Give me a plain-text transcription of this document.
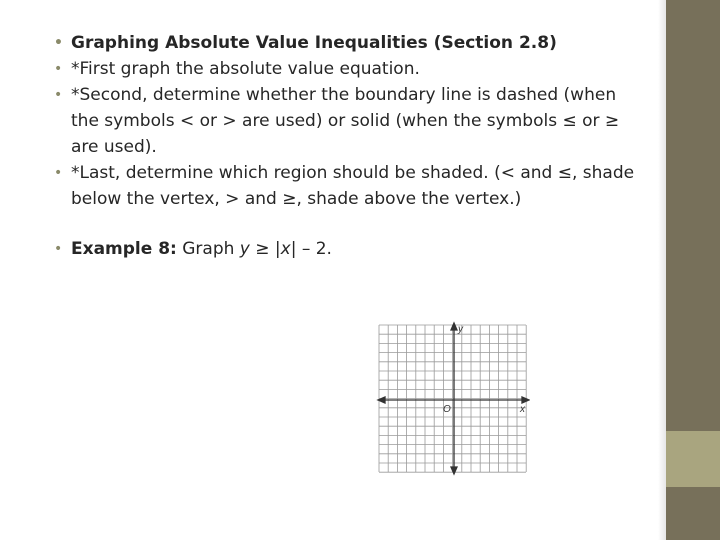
• Graphing Absolute Value Inequalities (Section 2.8)
• *First graph the absolute value equation.
• *Second, determine whether the boundary line is dashed (when the symbols < or > are used) or solid (when the symbols ≤ or ≥ are used).
• *Last, determine which region should be shaded. (< and ≤, shade below the vertex, > and ≥, shade above the vertex.)
• Example 8: Graph y ≥ |x| – 2.
y
x
O
